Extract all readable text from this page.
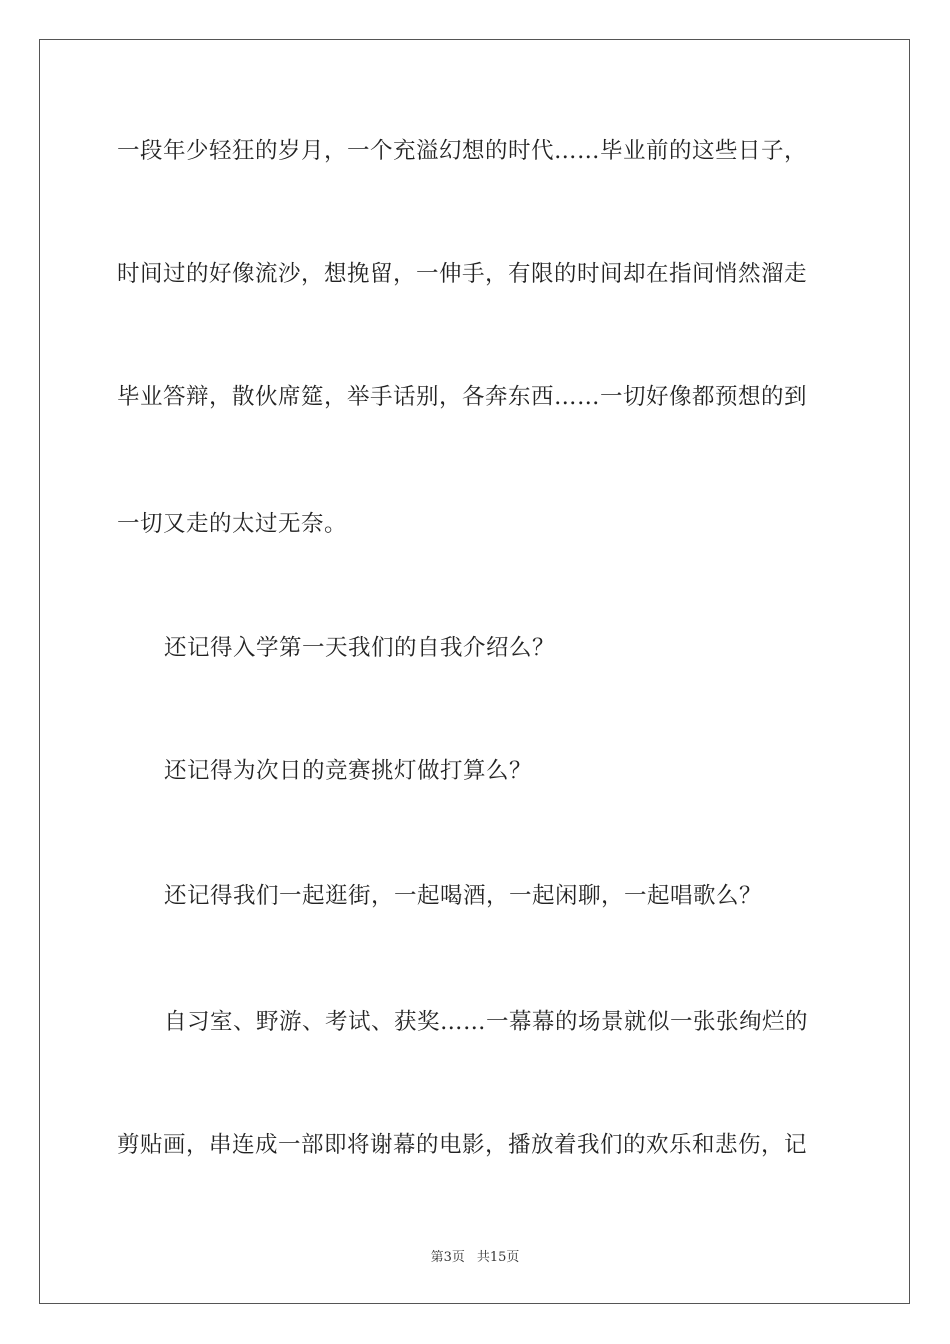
一段年少轻狂的岁月，一个充溢幻想的时代……毕业前的这些日子，
时间过的好像流沙，想挽留，一伸手，有限的时间却在指间悄然溜走
毕业答辩，散伙席筵，举手话别，各奔东西……一切好像都预想的到
一切又走的太过无奈。
还记得入学第一天我们的自我介绍么？
还记得为次日的竞赛挑灯做打算么？
还记得我们一起逛街，一起喝酒，一起闲聊，一起唱歌么？
自习室、野游、考试、获奖……一幕幕的场景就似一张张绚烂的
剪贴画，串连成一部即将谢幕的电影，播放着我们的欢乐和悲伤，记
第3页 共15页
